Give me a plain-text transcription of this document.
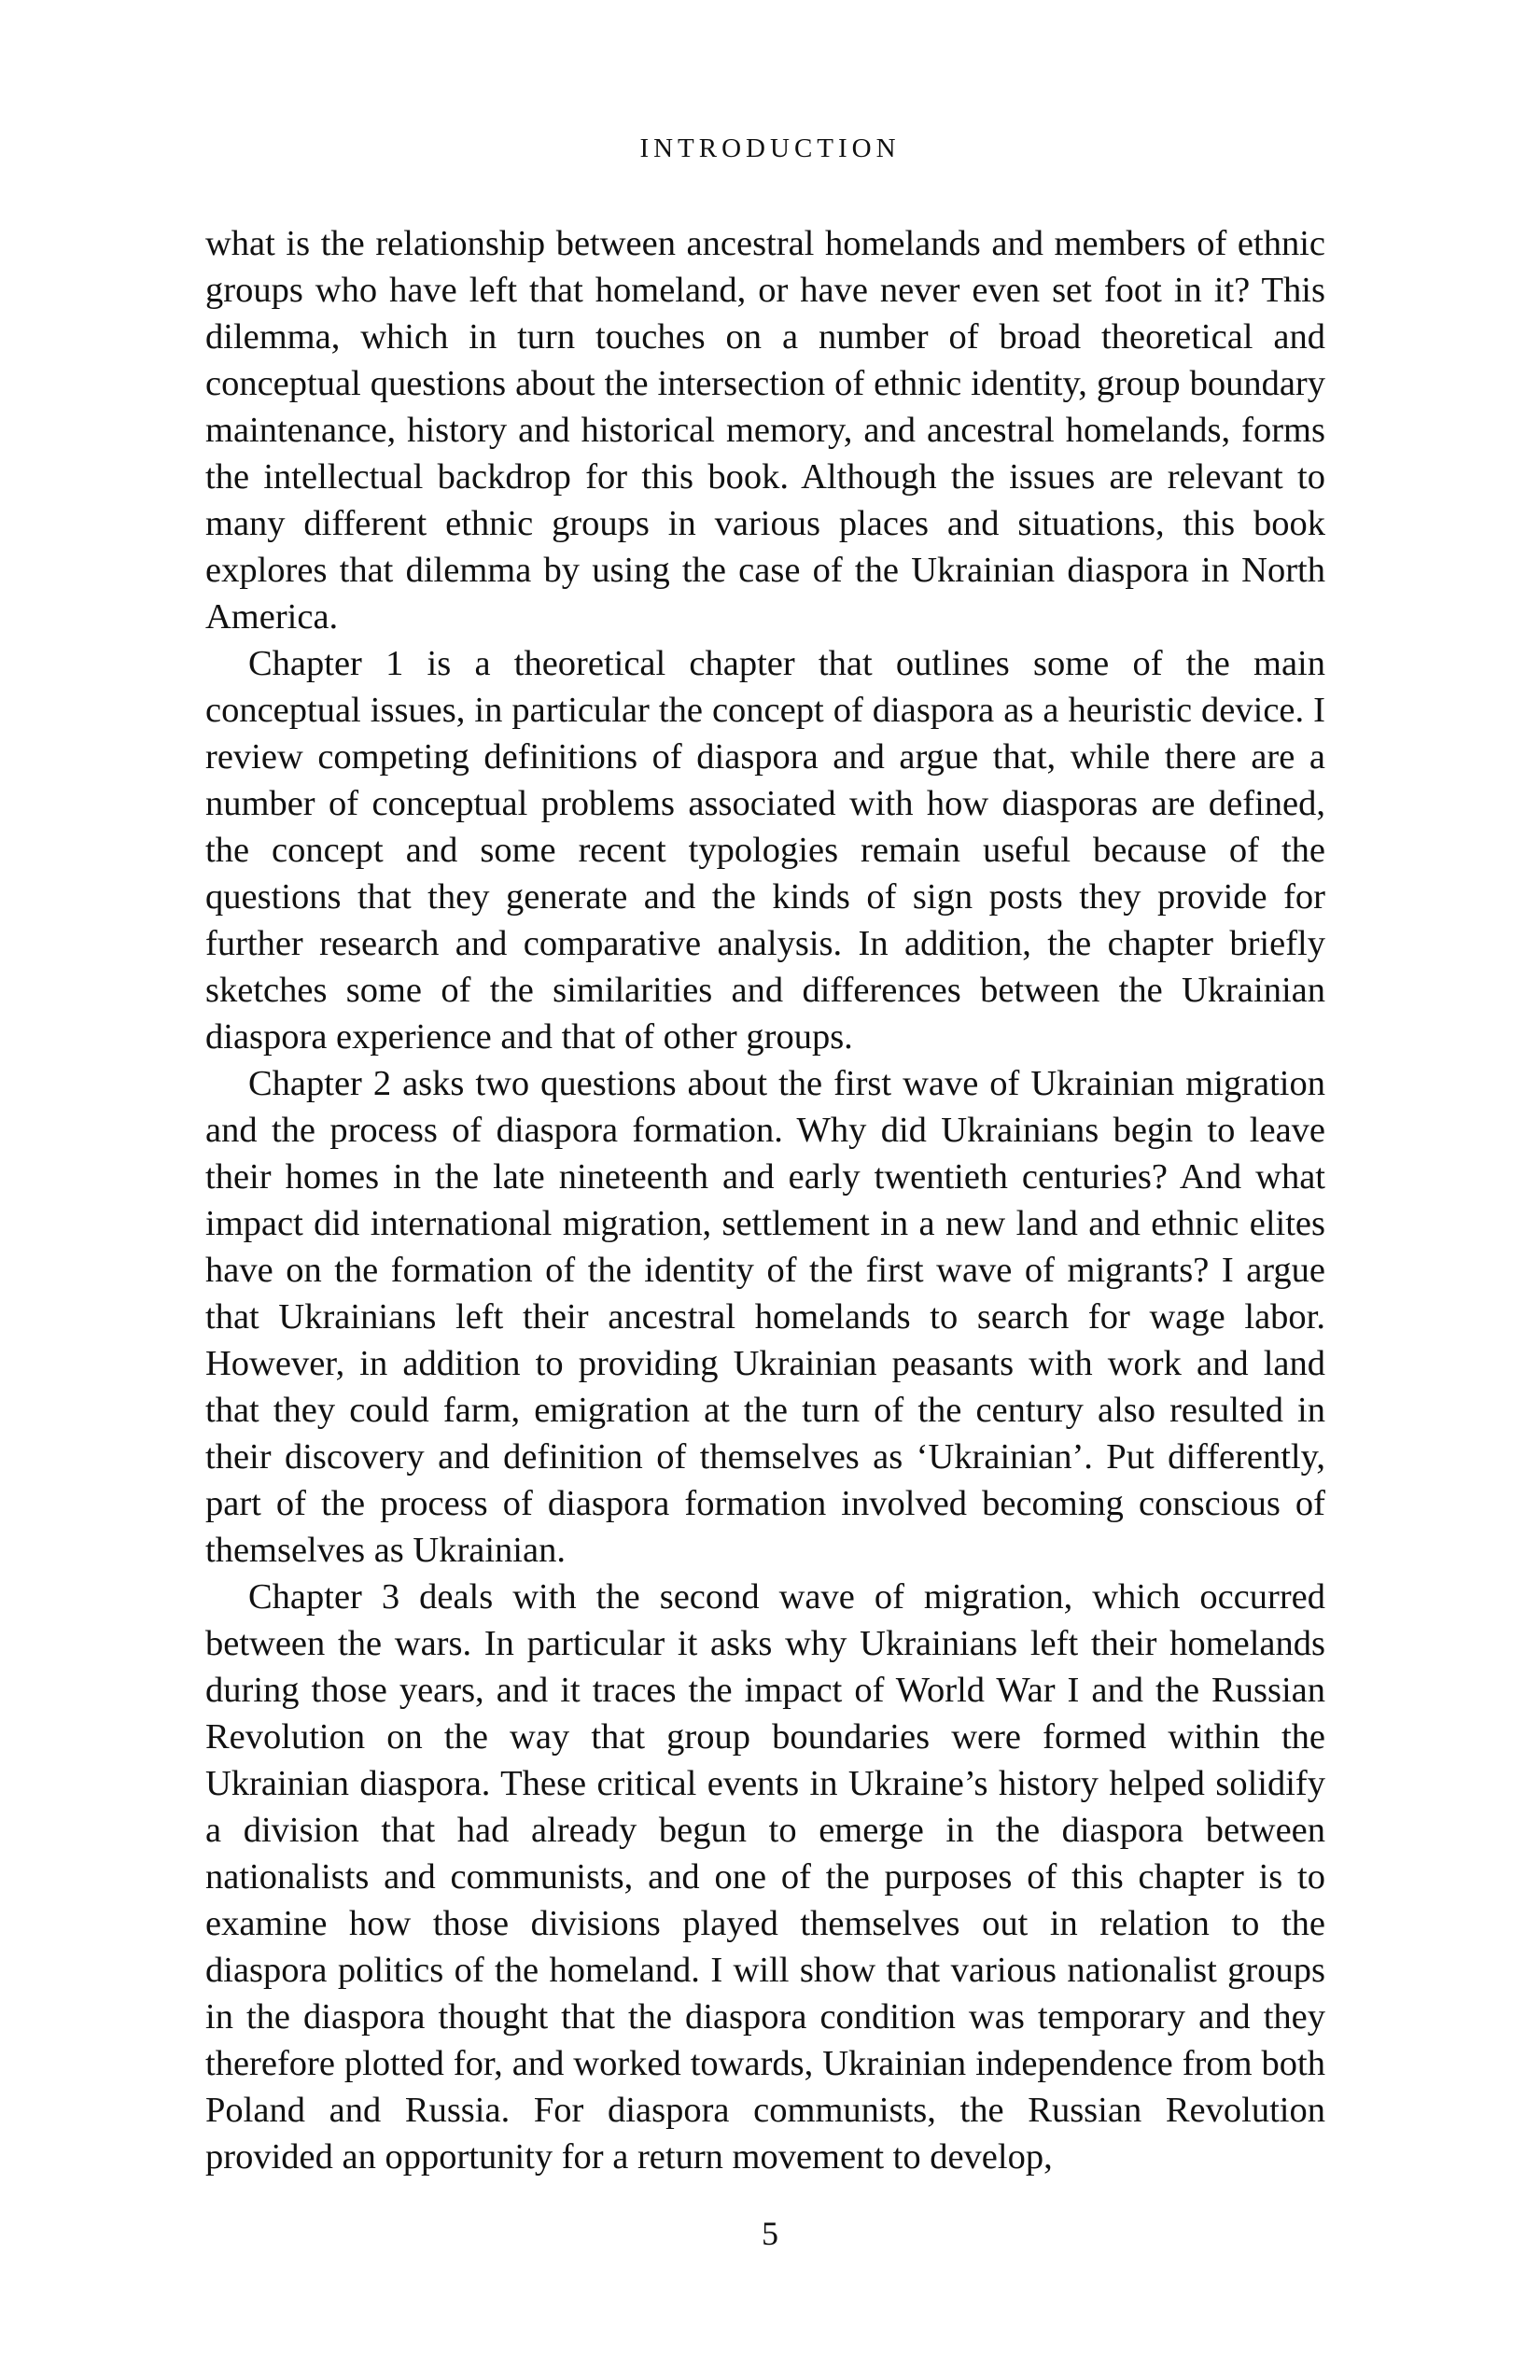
INTRODUCTION

what is the relationship between ancestral homelands and members of ethnic groups who have left that homeland, or have never even set foot in it? This dilemma, which in turn touches on a number of broad theoretical and conceptual questions about the intersection of ethnic identity, group boundary maintenance, history and historical memory, and ancestral homelands, forms the intellectual backdrop for this book. Although the issues are relevant to many different ethnic groups in various places and situations, this book explores that dilemma by using the case of the Ukrainian diaspora in North America.

Chapter 1 is a theoretical chapter that outlines some of the main conceptual issues, in particular the concept of diaspora as a heuristic device. I review competing definitions of diaspora and argue that, while there are a number of conceptual problems associated with how diasporas are defined, the concept and some recent typologies remain useful because of the questions that they generate and the kinds of sign posts they provide for further research and comparative analysis. In addition, the chapter briefly sketches some of the similarities and differences between the Ukrainian diaspora experience and that of other groups.

Chapter 2 asks two questions about the first wave of Ukrainian migration and the process of diaspora formation. Why did Ukrainians begin to leave their homes in the late nineteenth and early twentieth centuries? And what impact did international migration, settlement in a new land and ethnic elites have on the formation of the identity of the first wave of migrants? I argue that Ukrainians left their ancestral homelands to search for wage labor. However, in addition to providing Ukrainian peasants with work and land that they could farm, emigration at the turn of the century also resulted in their discovery and definition of themselves as ‘Ukrainian’. Put differently, part of the process of diaspora formation involved becoming conscious of themselves as Ukrainian.

Chapter 3 deals with the second wave of migration, which occurred between the wars. In particular it asks why Ukrainians left their homelands during those years, and it traces the impact of World War I and the Russian Revolution on the way that group boundaries were formed within the Ukrainian diaspora. These critical events in Ukraine’s history helped solidify a division that had already begun to emerge in the diaspora between nationalists and communists, and one of the purposes of this chapter is to examine how those divisions played themselves out in relation to the diaspora politics of the homeland. I will show that various nationalist groups in the diaspora thought that the diaspora condition was temporary and they therefore plotted for, and worked towards, Ukrainian independence from both Poland and Russia. For diaspora communists, the Russian Revolution provided an opportunity for a return movement to develop,

5
